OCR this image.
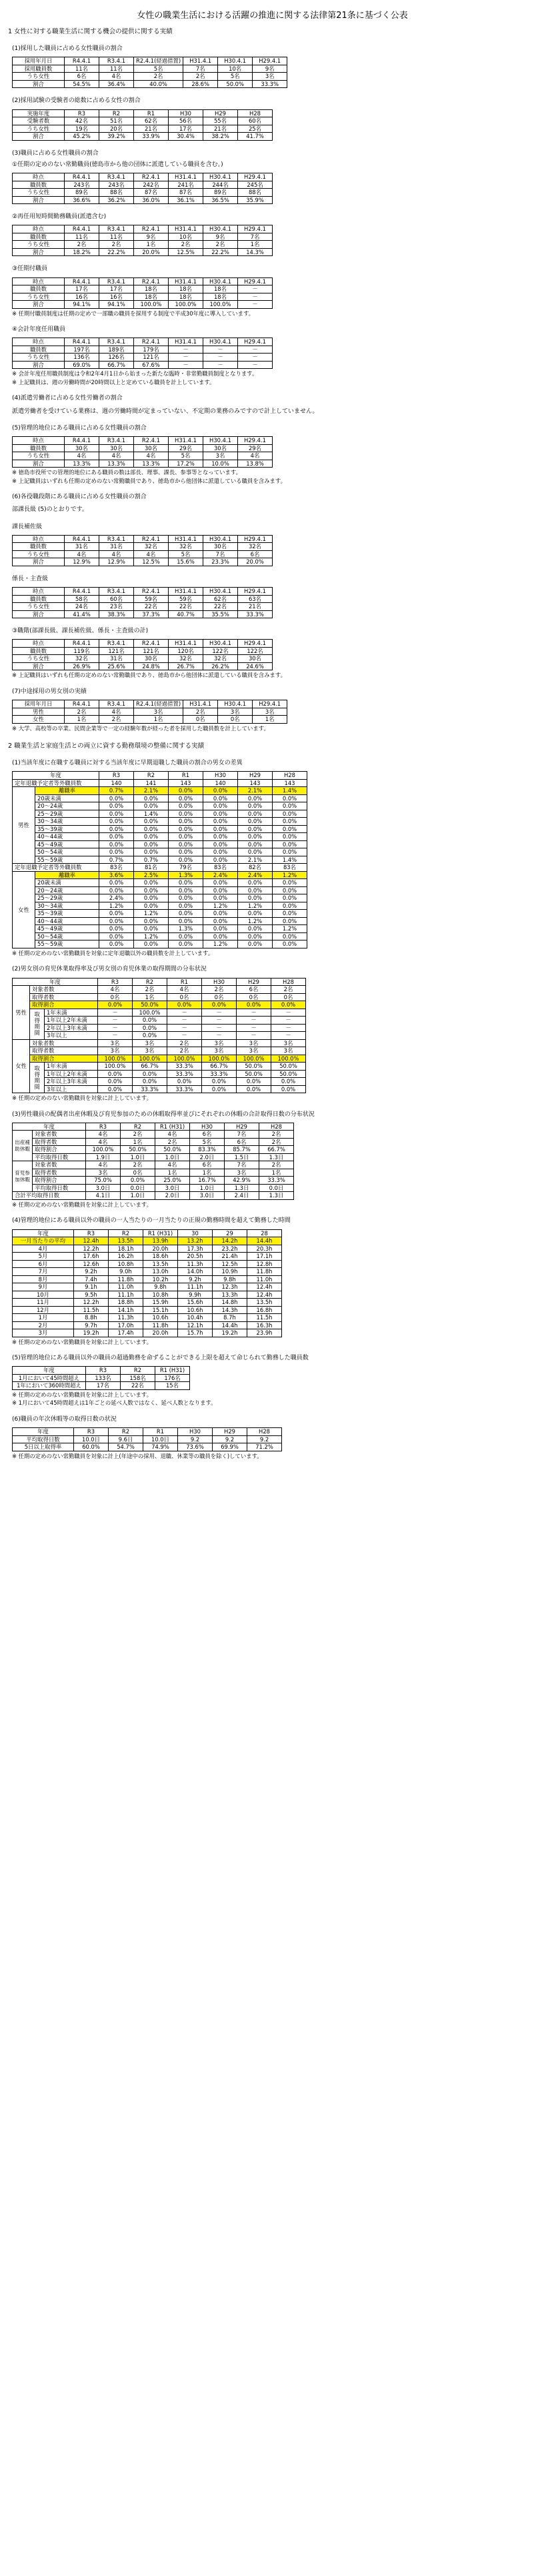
女性の職業生活における活躍の推進に関する法律第21条に基づく公表
1 女性に対する職業生活に関する機会の提供に関する実績
(1)採用した職員に占める女性職員の割合
採用年月日	R4.4.1	R3.4.1	R2.4.1(経過措置)	H31.4.1	H30.4.1	H29.4.1
採用職員数	11名	11名	5名	7名	10名	9名
うち女性	6名	4名	2名	2名	5名	3名
割合	54.5%	36.4%	40.0%	28.6%	50.0%	33.3%
(2)採用試験の受験者の総数に占める女性の割合
実施年度	R3	R2	R1	H30	H29	H28
受験者数	42名	51名	62名	56名	55名	60名
うち女性	19名	20名	21名	17名	21名	25名
割合	45.2%	39.2%	33.9%	30.4%	38.2%	41.7%
(3)職員に占める女性職員の割合
①任期の定めのない常勤職員(徳島市から他の団体に派遣している職員を含む。)
時点	R4.4.1	R3.4.1	R2.4.1	H31.4.1	H30.4.1	H29.4.1
職員数	243名	243名	242名	241名	244名	245名
うち女性	89名	88名	87名	87名	89名	88名
割合	36.6%	36.2%	36.0%	36.1%	36.5%	35.9%
②再任用短時間勤務職員(派遣含む)
時点	R4.4.1	R3.4.1	R2.4.1	H31.4.1	H30.4.1	H29.4.1
職員数	11名	11名	9名	10名	9名	7名
うち女性	2名	2名	1名	2名	2名	1名
割合	18.2%	22.2%	20.0%	12.5%	22.2%	14.3%
③任期付職員
時点	R4.4.1	R3.4.1	R2.4.1	H31.4.1	H30.4.1	H29.4.1
職員数	17名	17名	18名	18名	18名	－
うち女性	16名	16名	18名	18名	18名	－
割合	94.1%	94.1%	100.0%	100.0%	100.0%	－
※ 任期付職員制度は任期の定めで一部職の職員を採用する制度で平成30年度に導入しています。
④会計年度任用職員
時点	R4.4.1	R3.4.1	R2.4.1	H31.4.1	H30.4.1	H29.4.1
職員数	197名	189名	179名	－	－	－
うち女性	136名	126名	121名	－	－	－
割合	69.0%	66.7%	67.6%	－	－	－
※ 会計年度任用職員制度は令和2年4月1日から始まった新たな臨時・非常勤職員制度となります。
※ 上記職員は、週の労働時間が20時間以上と定めている職員を計上しています。
(4)派遣労働者に占める女性労働者の割合
派遣労働者を受けている業務は、週の労働時間が定まっていない、不定期の業務のみですので計上していません。
(5)管理的地位にある職員に占める女性職員の割合
時点	R4.4.1	R3.4.1	R2.4.1	H31.4.1	H30.4.1	H29.4.1
職員数	30名	30名	30名	29名	30名	29名
うち女性	4名	4名	4名	5名	3名	4名
割合	13.3%	13.3%	13.3%	17.2%	10.0%	13.8%
※ 徳島市役所での管理的地位にある職員の数は部長、理事、課長、参事等となっています。
※ 上記職員はいずれも任期の定めのない常勤職員であり、徳島市から他団体に派遣している職員を含みます。
(6)各役職段階にある職員に占める女性職員の割合
部課長級 (5)のとおりです。
課長補佐級
時点	R4.4.1	R3.4.1	R2.4.1	H31.4.1	H30.4.1	H29.4.1
職員数	31名	31名	32名	32名	30名	32名
うち女性	4名	4名	4名	5名	7名	6名
割合	12.9%	12.9%	12.5%	15.6%	23.3%	20.0%
係長・主査級
時点	R4.4.1	R3.4.1	R2.4.1	H31.4.1	H30.4.1	H29.4.1
職員数	58名	60名	59名	59名	62名	63名
うち女性	24名	23名	22名	22名	22名	21名
割合	41.4%	38.3%	37.3%	40.7%	35.5%	33.3%
③職階(部課長級、課長補佐級、係長・主査級の計)
時点	R4.4.1	R3.4.1	R2.4.1	H31.4.1	H30.4.1	H29.4.1
職員数	119名	121名	121名	120名	122名	122名
うち女性	32名	31名	30名	32名	32名	30名
割合	26.9%	25.6%	24.8%	26.7%	26.2%	24.6%
※ 上記職員はいずれも任期の定めのない常勤職員であり、徳島市から他団体に派遣している職員を含みます。
(7)中途採用の男女別の実績
採用年月日	R4.4.1	R3.4.1	R2.4.1(経過措置)	H31.4.1	H30.4.1	H29.4.1
男性	2名	4名	3名	2名	3名	3名
女性	1名	2名	1名	0名	0名	1名
※ 大学、高校等の卒業、民間企業等で一定の経験年数が経った者を採用した職員数を計上しています。
2 職業生活と家庭生活との両立に資する勤務環境の整備に関する実績
(1)当該年度に在職する職員に対する当該年度に早期退職した職員の割合の男女の差異
年度		R3	R2	R1	H30	H29	H28
定年退職予定者等外職員数		140	141	143	140	143	143
男性	離職率	0.7%	2.1%	0.0%	0.0%	2.1%	1.4%
	20歳未満	0.0%	0.0%	0.0%	0.0%	0.0%	0.0%
	20～24歳	0.0%	0.0%	0.0%	0.0%	0.0%	0.0%
	25～29歳	0.0%	1.4%	0.0%	0.0%	0.0%	0.0%
	30～34歳	0.0%	0.0%	0.0%	0.0%	0.0%	0.0%
	35～39歳	0.0%	0.0%	0.0%	0.0%	0.0%	0.0%
	40～44歳	0.0%	0.0%	0.0%	0.0%	0.0%	0.0%
	45～49歳	0.0%	0.0%	0.0%	0.0%	0.0%	0.0%
	50～54歳	0.0%	0.0%	0.0%	0.0%	0.0%	0.0%
	55～59歳	0.7%	0.7%	0.0%	0.0%	2.1%	1.4%
定年退職予定者等外職員数		83名	81名	79名	83名	82名	83名
女性	離職率	3.6%	2.5%	1.3%	2.4%	2.4%	1.2%
	20歳未満	0.0%	0.0%	0.0%	0.0%	0.0%	0.0%
	20～24歳	0.0%	0.0%	0.0%	0.0%	0.0%	0.0%
	25～29歳	2.4%	0.0%	0.0%	0.0%	0.0%	0.0%
	30～34歳	1.2%	0.0%	0.0%	1.2%	1.2%	0.0%
	35～39歳	0.0%	1.2%	0.0%	0.0%	0.0%	0.0%
	40～44歳	0.0%	0.0%	0.0%	0.0%	1.2%	0.0%
	45～49歳	0.0%	0.0%	1.3%	0.0%	0.0%	1.2%
	50～54歳	0.0%	1.2%	0.0%	0.0%	0.0%	0.0%
	55～59歳	0.0%	0.0%	0.0%	1.2%	0.0%	0.0%
※ 任期の定めのない常勤職員を対象に定年退職以外の職員数を計上しています。
(2)男女別の育児休業取得率及び男女別の育児休業の取得期間の分布状況
年度			R3	R2	R1	H30	H29	H28
男性	対象者数		4名	2名	4名	2名	6名	2名
	取得者数		0名	1名	0名	0名	0名	0名
	取得割合		0.0%	50.0%	0.0%	0.0%	0.0%	0.0%
	取得期間	1年未満	－	100.0%	－	－	－	－
		1年以上2年未満	－	0.0%	－	－	－	－
		2年以上3年未満	－	0.0%	－	－	－	－
		3年以上	－	0.0%	－	－	－	－
女性	対象者数		3名	3名	2名	3名	3名	3名
	取得者数		3名	3名	2名	3名	3名	3名
	取得割合		100.0%	100.0%	100.0%	100.0%	100.0%	100.0%
	取得期間	1年未満	100.0%	66.7%	33.3%	66.7%	50.0%	50.0%
		1年以上2年未満	0.0%	0.0%	33.3%	33.3%	50.0%	50.0%
		2年以上3年未満	0.0%	0.0%	0.0%	0.0%	0.0%	0.0%
		3年以上	0.0%	33.3%	33.3%	0.0%	0.0%	0.0%
※ 任期の定めのない常勤職員を対象に計上しています。
(3)男性職員の配偶者出産休暇及び育児参加のための休暇取得率並びにそれぞれの休暇の合計取得日数の分布状況
年度		R3	R2	R1 (H31)	H30	H29	H28
出産補助休暇	対象者数	4名	2名	4名	6名	7名	2名
	取得者数	4名	1名	2名	5名	6名	2名
	取得割合	100.0%	50.0%	50.0%	83.3%	85.7%	66.7%
	平均取得日数	1.9日	1.0日	1.0日	2.0日	1.5日	1.3日
育児参加休暇	対象者数	4名	2名	4名	6名	7名	2名
	取得者数	3名	0名	1名	1名	3名	1名
	取得割合	75.0%	0.0%	25.0%	16.7%	42.9%	33.3%
	平均取得日数	3.0日	0.0日	3.0日	1.0日	1.3日	0.0日
合計平均取得日数		4.1日	1.0日	2.0日	3.0日	2.4日	1.3日
※ 任期の定めのない常勤職員を対象に計上しています。
(4)管理的地位にある職員以外の職員の一人当たりの一月当たりの正規の勤務時間を超えて勤務した時間
年度	R3	R2	R1 (H31)	30	29	28
一月当たりの平均	12.4h	13.5h	13.9h	13.2h	14.2h	14.4h
4月	12.2h	18.1h	20.0h	17.3h	23.2h	20.3h
5月	17.6h	16.2h	18.6h	20.5h	21.4h	17.1h
6月	12.6h	10.8h	13.5h	11.3h	12.5h	12.8h
7月	9.2h	9.0h	13.0h	14.0h	10.9h	11.8h
8月	7.4h	11.8h	10.2h	9.2h	9.8h	11.0h
9月	9.1h	11.0h	9.8h	11.1h	12.3h	12.4h
10月	9.5h	11.1h	10.8h	9.9h	13.3h	12.4h
11月	12.2h	18.8h	15.9h	15.6h	14.8h	13.5h
12月	11.5h	14.1h	15.1h	10.6h	14.3h	16.8h
1月	8.8h	11.3h	10.6h	10.4h	8.7h	11.5h
2月	9.7h	17.0h	11.8h	12.1h	14.4h	16.3h
3月	19.2h	17.4h	20.0h	15.7h	19.2h	23.9h
※ 任期の定めのない常勤職員を対象に計上しています。
(5)管理的地位にある職員以外の職員の超過勤務を命ずることができる上限を超えて命じられて勤務した職員数
年度	R3	R2	R1 (H31)
1月において45時間超え	133名	158名	176名
1年において360時間超え	17名	22名	15名
※ 任期の定めのない常勤職員を対象に計上しています。
※ 1月において45時間超えは1年ごとの延べ人数ではなく、延べ人数となります。
(6)職員の年次休暇等の取得日数の状況
年度	R3	R2	R1	H30	H29	H28
平均取得日数	10.0日	9.6日	10.0日	9.2	9.2	9.2
5日以上取得率	60.0%	54.7%	74.9%	73.6%	69.9%	71.2%
※ 任期の定めのない常勤職員を対象に計上(年途中の採用、退職、休業等の職員を除く)しています。
